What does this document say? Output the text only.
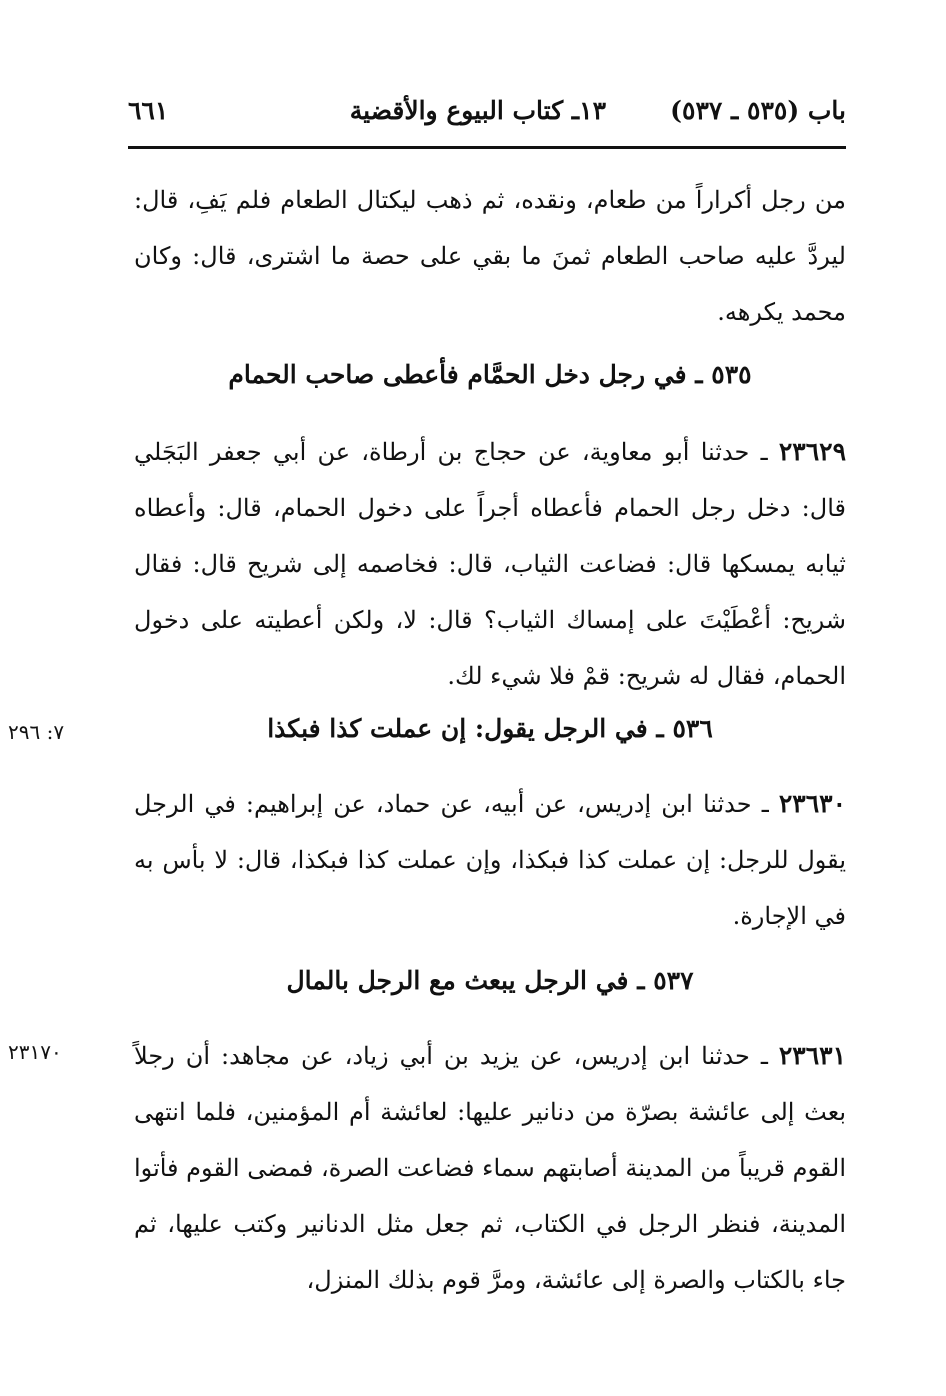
باب (٥٣٥ ـ ٥٣٧)
١٣ـ كتاب البيوع والأقضية
٦٦١

من رجل أكراراً من طعام، ونقده، ثم ذهب ليكتال الطعام فلم يَفِ، قال: ليردَّ عليه صاحب الطعام ثمنَ ما بقي على حصة ما اشترى، قال: وكان محمد يكرهه.

٥٣٥ ـ في رجل دخل الحمَّام فأعطى صاحب الحمام

٢٣٦٢٩ ـ حدثنا أبو معاوية، عن حجاج بن أرطاة، عن أبي جعفر البَجَلي قال: دخل رجل الحمام فأعطاه أجراً على دخول الحمام، قال: وأعطاه ثيابه يمسكها قال: فضاعت الثياب، قال: فخاصمه إلى شريح قال: فقال شريح: أعْطَيْتَ على إمساك الثياب؟ قال: لا، ولكن أعطيته على دخول الحمام، فقال له شريح: قمْ فلا شيء لك.

٥٣٦ ـ في الرجل يقول: إن عملت كذا فبكذا
٧: ٢٩٦

٢٣٦٣٠ ـ حدثنا ابن إدريس، عن أبيه، عن حماد، عن إبراهيم: في الرجل يقول للرجل: إن عملت كذا فبكذا، وإن عملت كذا فبكذا، قال: لا بأس به في الإجارة.

٥٣٧ ـ في الرجل يبعث مع الرجل بالمال

٢٣٦٣١ ـ حدثنا ابن إدريس، عن يزيد بن أبي زياد، عن مجاهد: أن رجلاً بعث إلى عائشة بصرّة من دنانير عليها: لعائشة أم المؤمنين، فلما انتهى القوم قريباً من المدينة أصابتهم سماء فضاعت الصرة، فمضى القوم فأتوا المدينة، فنظر الرجل في الكتاب، ثم جعل مثل الدنانير وكتب عليها، ثم جاء بالكتاب والصرة إلى عائشة، ومرَّ قوم بذلك المنزل،

٢٣١٧٠
